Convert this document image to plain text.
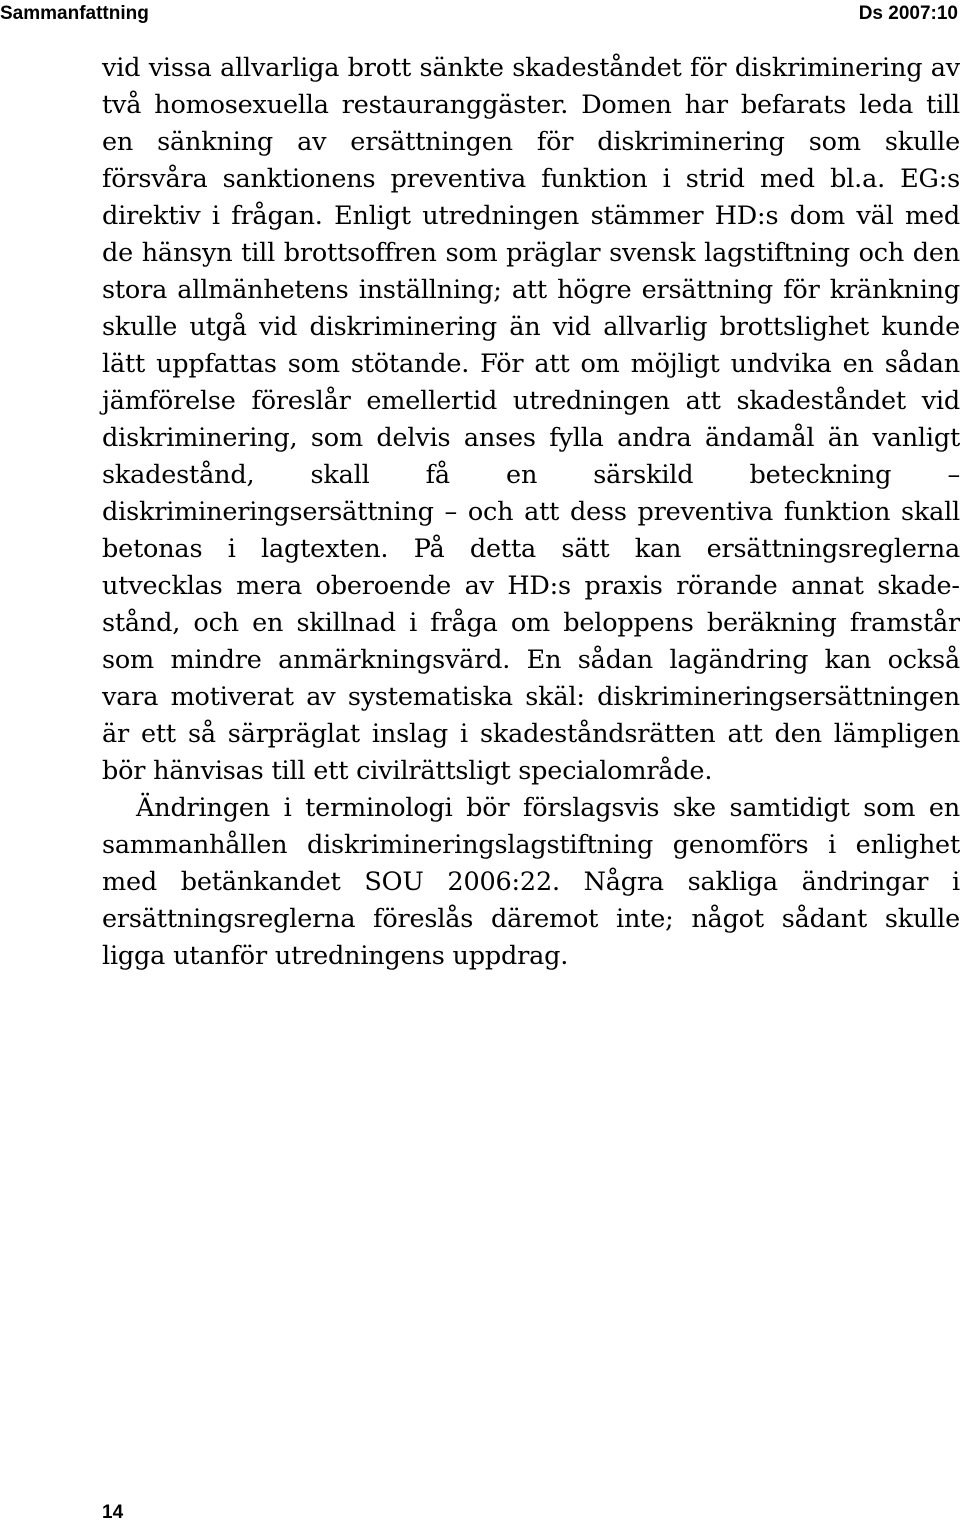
Sammanfattning	Ds 2007:10

vid vissa allvarliga brott sänkte skadeståndet för diskriminering av två homosexuella restauranggäster. Domen har befarats leda till en sänkning av ersättningen för diskriminering som skulle försvåra sanktionens preventiva funktion i strid med bl.a. EG:s direktiv i frågan. Enligt utredningen stämmer HD:s dom väl med de hänsyn till brottsoffren som präglar svensk lagstiftning och den stora allmänhetens inställning; att högre ersättning för kränkning skulle utgå vid diskriminering än vid allvarlig brottslighet kunde lätt uppfattas som stötande. För att om möjligt undvika en sådan jämförelse föreslår emellertid utredningen att skadeståndet vid diskriminering, som delvis anses fylla andra ändamål än vanligt skadestånd, skall få en särskild beteckning – diskrimineringsersättning – och att dess preventiva funktion skall betonas i lagtexten. På detta sätt kan ersättningsreglerna utvecklas mera oberoende av HD:s praxis rörande annat skadestånd, och en skillnad i fråga om beloppens beräkning framstår som mindre anmärkningsvärd. En sådan lagändring kan också vara motiverat av systematiska skäl: diskrimineringsersättningen är ett så särpräglat inslag i skadeståndsrätten att den lämpligen bör hänvisas till ett civilrättsligt specialområde.

Ändringen i terminologi bör förslagsvis ske samtidigt som en sammanhållen diskrimineringslagstiftning genomförs i enlighet med betänkandet SOU 2006:22. Några sakliga ändringar i ersättningsreglerna föreslås däremot inte; något sådant skulle ligga utanför utredningens uppdrag.

14
